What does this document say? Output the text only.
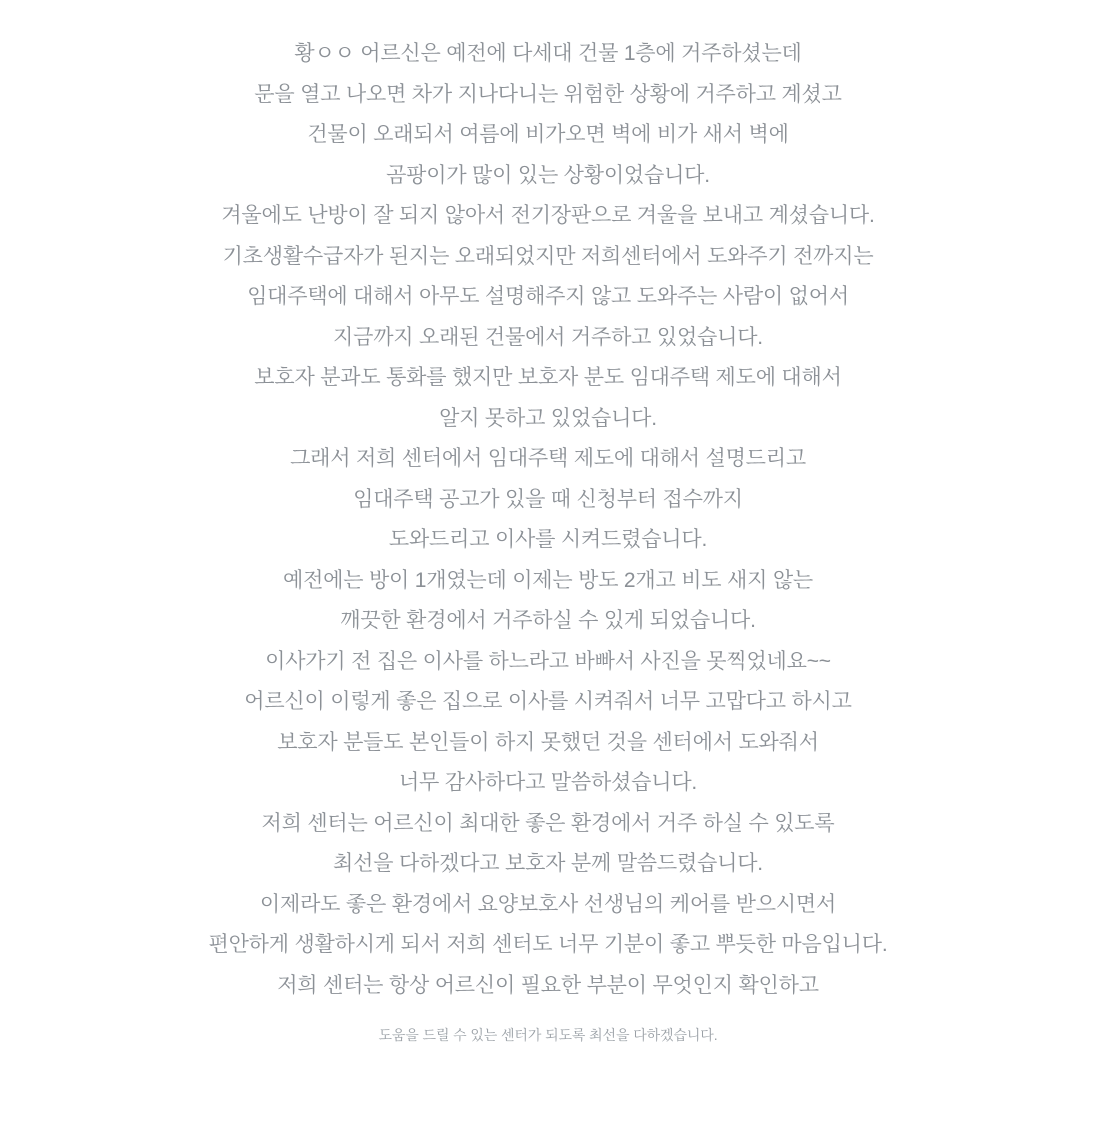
황ㅇㅇ 어르신은 예전에 다세대 건물 1층에 거주하셨는데
문을 열고 나오면 차가 지나다니는 위험한 상황에 거주하고 계셨고
건물이 오래되서 여름에 비가오면 벽에 비가 새서 벽에
곰팡이가 많이 있는 상황이었습니다.
겨울에도 난방이 잘 되지 않아서 전기장판으로 겨울을 보내고 계셨습니다.
기초생활수급자가 된지는 오래되었지만 저희센터에서 도와주기 전까지는
임대주택에 대해서 아무도 설명해주지 않고 도와주는 사람이 없어서
지금까지 오래된 건물에서 거주하고 있었습니다.
보호자 분과도 통화를 했지만 보호자 분도 임대주택 제도에 대해서
알지 못하고 있었습니다.
그래서 저희 센터에서 임대주택 제도에 대해서 설명드리고
임대주택 공고가 있을 때 신청부터 접수까지
도와드리고 이사를 시켜드렸습니다.
예전에는 방이 1개였는데 이제는 방도 2개고 비도 새지 않는
깨끗한 환경에서 거주하실 수 있게 되었습니다.
이사가기 전 집은 이사를 하느라고 바빠서 사진을 못찍었네요~~
어르신이 이렇게 좋은 집으로 이사를 시켜줘서 너무 고맙다고 하시고
보호자 분들도 본인들이 하지 못했던 것을 센터에서 도와줘서
너무 감사하다고 말씀하셨습니다.
저희 센터는 어르신이 최대한 좋은 환경에서 거주 하실 수 있도록
최선을 다하겠다고 보호자 분께 말씀드렸습니다.
이제라도 좋은 환경에서 요양보호사 선생님의 케어를 받으시면서
편안하게 생활하시게 되서 저희 센터도 너무 기분이 좋고 뿌듯한 마음입니다.
저희 센터는 항상 어르신이 필요한 부분이 무엇인지 확인하고
도움을 드릴 수 있는 센터가 되도록 최선을 다하겠습니다.
